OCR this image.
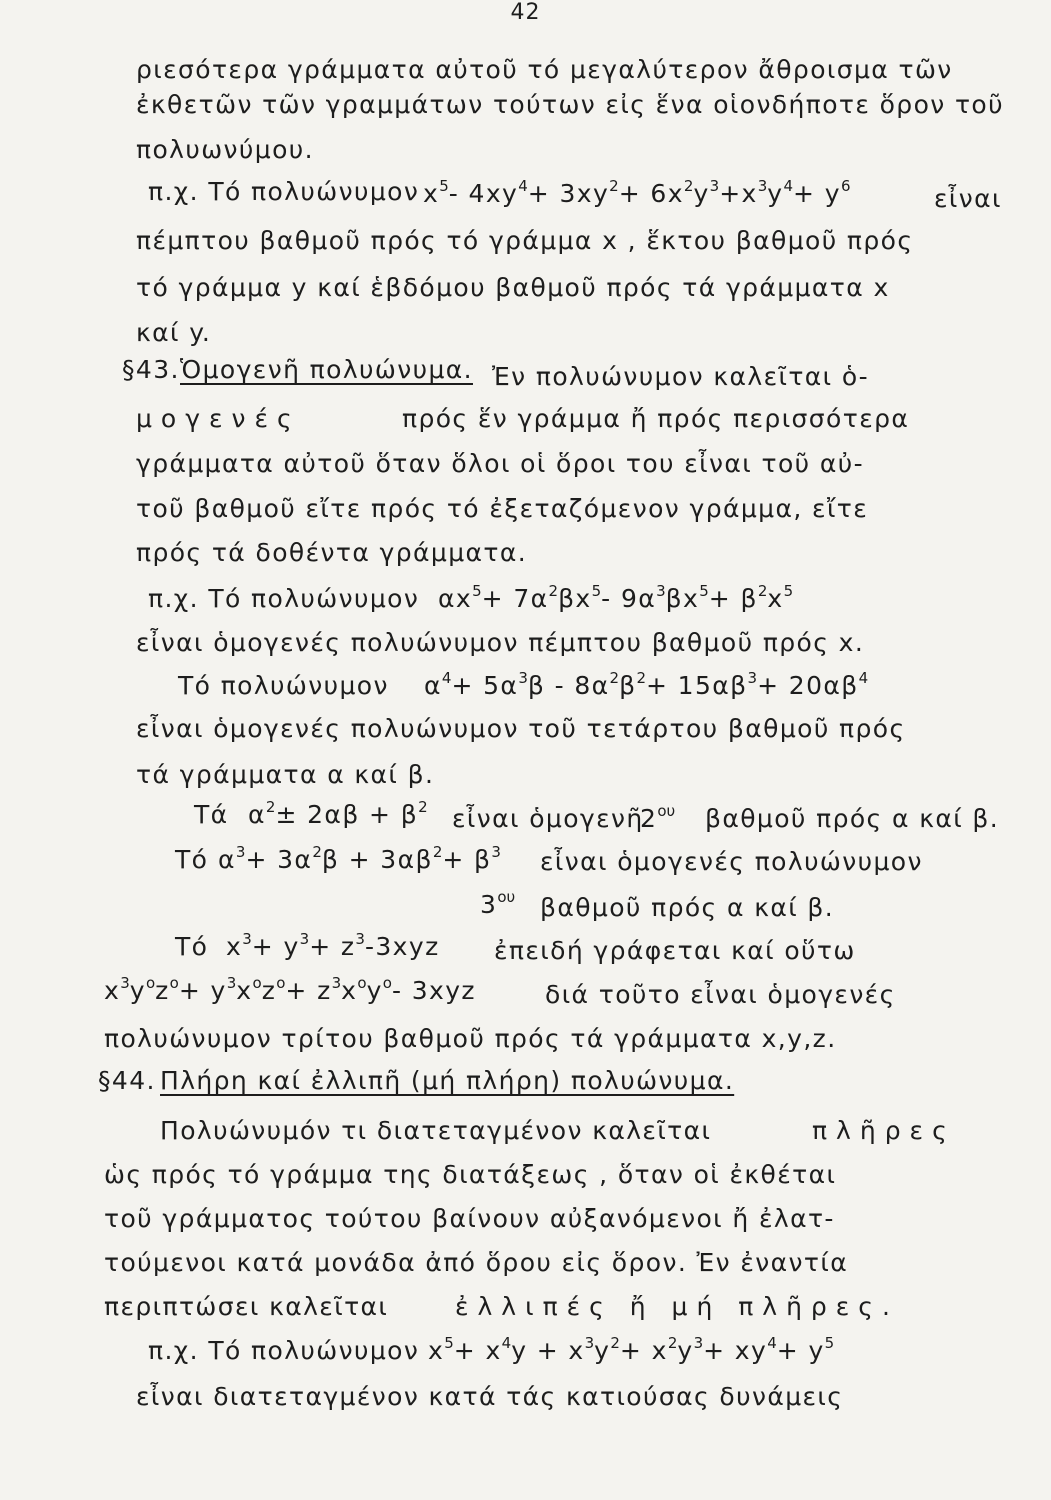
42
ριεσότερα γράμματα αὐτοῦ τό μεγαλύτερον ἄθροισμα τῶν
ἐκθετῶν τῶν γραμμάτων τούτων εἰς ἕνα οἱονδήποτε ὅρον τοῦ
πολυωνύμου.
π.χ. Τό πολυώνυμον $x^5-$ $4xy^4+ 3xy^2+ 6x^2y^3+x^3y^4+ y^6$	εἶναι
πέμπτου βαθμοῦ πρός τό γράμμα x , ἕκτου βαθμοῦ πρός
τό γράμμα y καί ἑβδόμου βαθμοῦ πρός τά γράμματα x
καί y.
§43. Ὁμογενῆ πολυώνυμα. Ἐν πολυώνυμον καλεῖται ὁ-
μογενές	πρός ἕν γράμμα ἤ πρός περισσότερα
γράμματα αὐτοῦ ὅταν ὅλοι οἱ ὅροι του εἶναι τοῦ αὐ-
τοῦ βαθμοῦ εἴτε πρός τό ἐξεταζόμενον γράμμα, εἴτε
πρός τά δοθέντα γράμματα.
π.χ. Τό πολυώνυμον $\alpha x^5+ 7\alpha^2\beta x^5-$ $9\alpha^3\beta x^5+ \beta^2x^5$
εἶναι ὁμογενές πολυώνυμον πέμπτου βαθμοῦ πρός x.
Τό πολυώνυμον $\alpha^4+ 5\alpha^3\beta - 8\alpha^2\beta^2+ 15\alpha\beta^3+ 20\alpha\beta^4$
εἶναι ὁμογενές πολυώνυμον τοῦ τετάρτου βαθμοῦ πρός
τά γράμματα α καί β.
Τά $\alpha^2\pm 2\alpha\beta + \beta^2$ εἶναι ὁμογενῆ
$2^{o\upsilon}$ βαθμοῦ πρός α καί β.
Τό $\alpha^3+ 3\alpha^2\beta + 3\alpha\beta^2+ \beta^3$ εἶναι ὁμογενές πολυώνυμον
$3^{o\upsilon}$ βαθμοῦ πρός α καί β.
Τό $x^3+ y^3+ z^3-3xyz$ ἐπειδή γράφεται καί οὕτω
$x^3y^oz^o+ y^3x^oz^o+ z^3x^oy^o-$ 3xyz	διά τοῦτο εἶναι ὁμογενές
πολυώνυμον τρίτου βαθμοῦ πρός τά γράμματα x,y,z.
§44. Πλήρη καί ἐλλιπῆ (μή πλήρη) πολυώνυμα.
Πολυώνυμόν τι διατεταγμένον καλεῖται	πλῆρες
ὡς πρός τό γράμμα της διατάξεως , ὅταν οἱ ἐκθέται
τοῦ γράμματος τούτου βαίνουν αὐξανόμενοι ἤ ἐλατ-
τούμενοι κατά μονάδα ἀπό ὅρου εἰς ὅρον. Ἐν ἐναντία
περιπτώσει καλεῖται	ἐλλιπές ἤ μή πλῆρες.
π.χ. Τό πολυώνυμον $x^5+ x^4y + x^3y^2+ x^2y^3+ xy^4+ y^5$
εἶναι διατεταγμένον κατά τάς κατιούσας δυνάμεις
